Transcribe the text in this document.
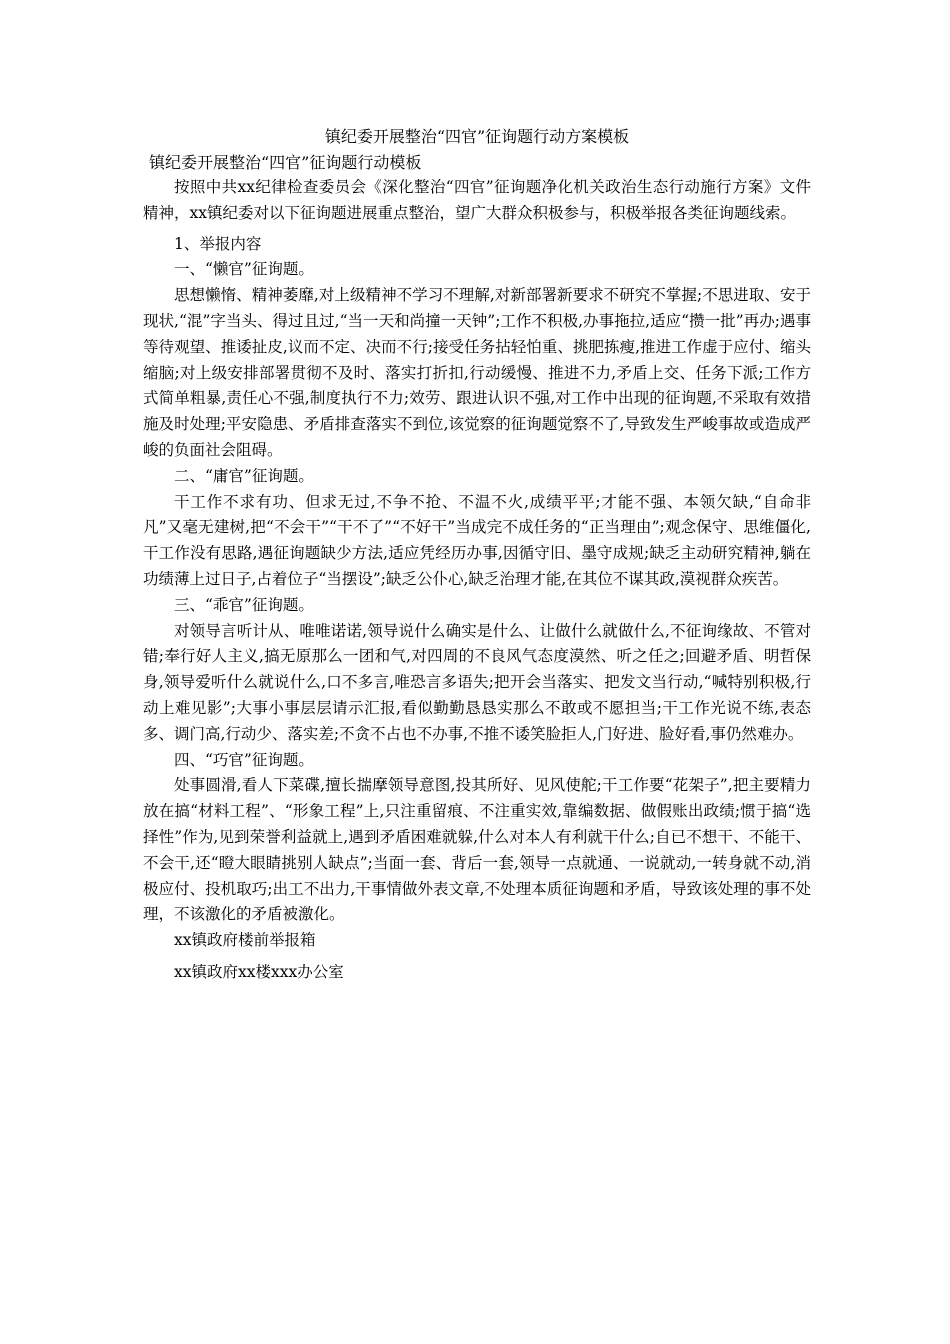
镇纪委开展整治“四官”征询题行动方案模板

镇纪委开展整治“四官”征询题行动模板

按照中共xx纪律检查委员会《深化整治“四官”征询题净化机关政治生态行动施行方案》文件精神，xx镇纪委对以下征询题进展重点整治，望广大群众积极参与，积极举报各类征询题线索。

1、举报内容

一、“懒官”征询题。

思想懒惰、精神萎靡,对上级精神不学习不理解,对新部署新要求不研究不掌握;不思进取、安于现状,“混”字当头、得过且过,“当一天和尚撞一天钟”;工作不积极,办事拖拉,适应“攒一批”再办;遇事等待观望、推诿扯皮,议而不定、决而不行;接受任务拈轻怕重、挑肥拣瘦,推进工作虚于应付、缩头缩脑;对上级安排部署贯彻不及时、落实打折扣,行动缓慢、推进不力,矛盾上交、任务下派;工作方式简单粗暴,责任心不强,制度执行不力;效劳、跟进认识不强,对工作中出现的征询题,不采取有效措施及时处理;平安隐患、矛盾排查落实不到位,该觉察的征询题觉察不了,导致发生严峻事故或造成严峻的负面社会阻碍。

二、“庸官”征询题。

干工作不求有功、但求无过,不争不抢、不温不火,成绩平平;才能不强、本领欠缺,“自命非凡”又毫无建树,把“不会干”“干不了”“不好干”当成完不成任务的“正当理由”;观念保守、思维僵化,干工作没有思路,遇征询题缺少方法,适应凭经历办事,因循守旧、墨守成规;缺乏主动研究精神,躺在功绩薄上过日子,占着位子“当摆设”;缺乏公仆心,缺乏治理才能,在其位不谋其政,漠视群众疾苦。

三、“乖官”征询题。

对领导言听计从、唯唯诺诺,领导说什么确实是什么、让做什么就做什么,不征询缘故、不管对错;奉行好人主义,搞无原那么一团和气,对四周的不良风气态度漠然、听之任之;回避矛盾、明哲保身,领导爱听什么就说什么,口不多言,唯恐言多语失;把开会当落实、把发文当行动,“喊特别积极,行动上难见影”;大事小事层层请示汇报,看似勤勤恳恳实那么不敢或不愿担当;干工作光说不练,表态多、调门高,行动少、落实差;不贪不占也不办事,不推不诿笑脸拒人,门好进、脸好看,事仍然难办。

四、“巧官”征询题。

处事圆滑,看人下菜碟,擅长揣摩领导意图,投其所好、见风使舵;干工作要“花架子”,把主要精力放在搞“材料工程”、“形象工程”上,只注重留痕、不注重实效,靠编数据、做假账出政绩;惯于搞“选择性”作为,见到荣誉利益就上,遇到矛盾困难就躲,什么对本人有利就干什么;自已不想干、不能干、不会干,还“瞪大眼睛挑别人缺点”;当面一套、背后一套,领导一点就通、一说就动,一转身就不动,消极应付、投机取巧;出工不出力,干事情做外表文章,不处理本质征询题和矛盾，导致该处理的事不处理，不该激化的矛盾被激化。

xx镇政府楼前举报箱

xx镇政府xx楼xxx办公室
